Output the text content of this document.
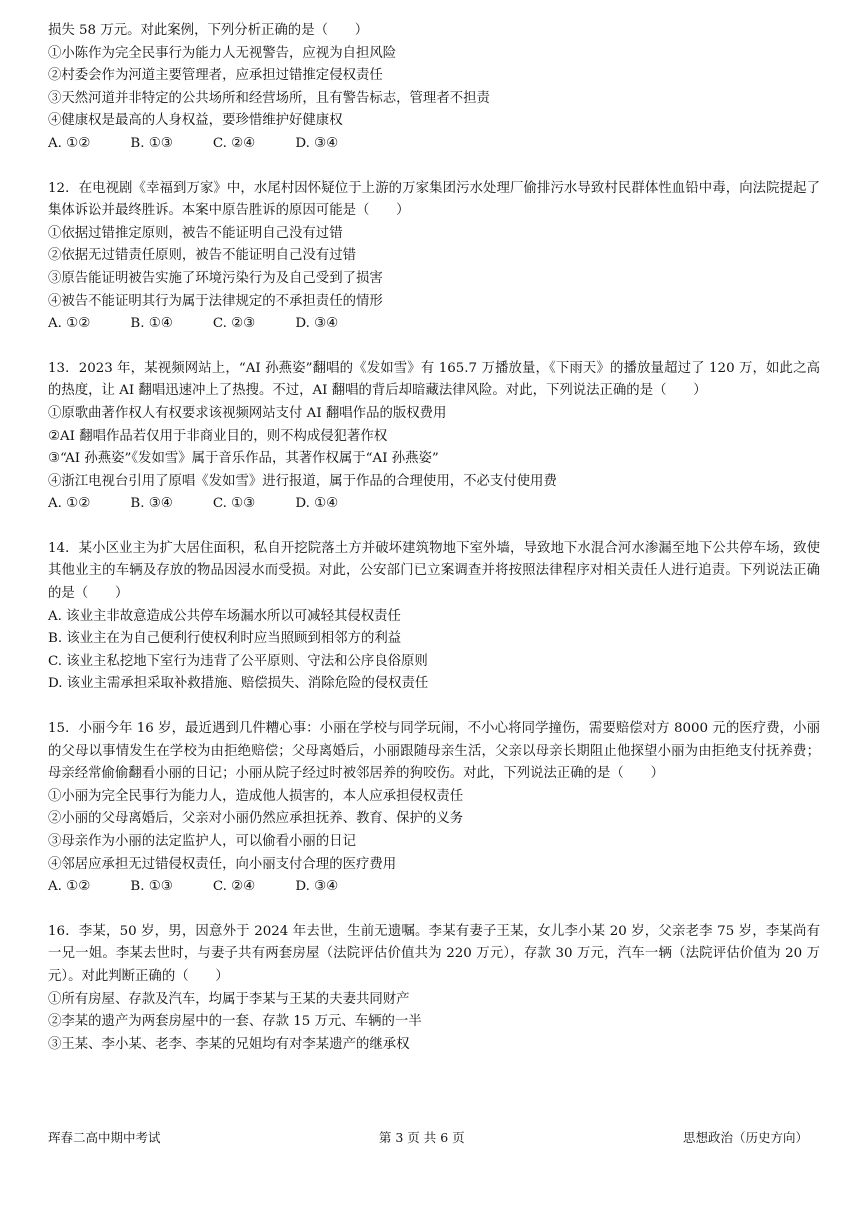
损失 58 万元。对此案例，下列分析正确的是（　　）
①小陈作为完全民事行为能力人无视警告，应视为自担风险
②村委会作为河道主要管理者，应承担过错推定侵权责任
③天然河道并非特定的公共场所和经营场所，且有警告标志，管理者不担责
④健康权是最高的人身权益，要珍惜维护好健康权
A. ①②　　　B. ①③　　　C. ②④　　　D. ③④
12．在电视剧《幸福到万家》中，水尾村因怀疑位于上游的万家集团污水处理厂偷排污水导致村民群体性血铅中毒，向法院提起了集体诉讼并最终胜诉。本案中原告胜诉的原因可能是（　　）
①依据过错推定原则，被告不能证明自己没有过错
②依据无过错责任原则，被告不能证明自己没有过错
③原告能证明被告实施了环境污染行为及自己受到了损害
④被告不能证明其行为属于法律规定的不承担责任的情形
A. ①②　　　B. ①④　　　C. ②③　　　D. ③④
13．2023 年，某视频网站上，“AI 孙燕姿”翻唱的《发如雪》有 165.7 万播放量，《下雨天》的播放量超过了 120 万，如此之高的热度，让 AI 翻唱迅速冲上了热搜。不过，AI 翻唱的背后却暗藏法律风险。对此，下列说法正确的是（　　）
①原歌曲著作权人有权要求该视频网站支付 AI 翻唱作品的版权费用
②AI 翻唱作品若仅用于非商业目的，则不构成侵犯著作权
③“AI 孙燕姿”《发如雪》属于音乐作品，其著作权属于“AI 孙燕姿”
④浙江电视台引用了原唱《发如雪》进行报道，属于作品的合理使用，不必支付使用费
A. ①②　　　B. ③④　　　C. ①③　　　D. ①④
14．某小区业主为扩大居住面积，私自开挖院落土方并破坏建筑物地下室外墙，导致地下水混合河水渗漏至地下公共停车场，致使其他业主的车辆及存放的物品因浸水而受损。对此，公安部门已立案调查并将按照法律程序对相关责任人进行追责。下列说法正确的是（　　）
A. 该业主非故意造成公共停车场漏水所以可减轻其侵权责任
B. 该业主在为自己便利行使权利时应当照顾到相邻方的利益
C. 该业主私挖地下室行为违背了公平原则、守法和公序良俗原则
D. 该业主需承担采取补救措施、赔偿损失、消除危险的侵权责任
15．小丽今年 16 岁，最近遇到几件糟心事：小丽在学校与同学玩闹，不小心将同学撞伤，需要赔偿对方 8000 元的医疗费，小丽的父母以事情发生在学校为由拒绝赔偿；父母离婚后，小丽跟随母亲生活，父亲以母亲长期阻止他探望小丽为由拒绝支付抚养费；母亲经常偷偷翻看小丽的日记；小丽从院子经过时被邻居养的狗咬伤。对此，下列说法正确的是（　　）
①小丽为完全民事行为能力人，造成他人损害的，本人应承担侵权责任
②小丽的父母离婚后，父亲对小丽仍然应承担抚养、教育、保护的义务
③母亲作为小丽的法定监护人，可以偷看小丽的日记
④邻居应承担无过错侵权责任，向小丽支付合理的医疗费用
A. ①②　　　B. ①③　　　C. ②④　　　D. ③④
16．李某，50 岁，男，因意外于 2024 年去世，生前无遗嘱。李某有妻子王某，女儿李小某 20 岁，父亲老李 75 岁，李某尚有一兄一姐。李某去世时，与妻子共有两套房屋（法院评估价值共为 220 万元），存款 30 万元，汽车一辆（法院评估价值为 20 万元）。对此判断正确的（　　）
①所有房屋、存款及汽车，均属于李某与王某的夫妻共同财产
②李某的遗产为两套房屋中的一套、存款 15 万元、车辆的一半
③王某、李小某、老李、李某的兄姐均有对李某遗产的继承权
珲春二高中期中考试	第 3 页 共 6 页	思想政治（历史方向）
